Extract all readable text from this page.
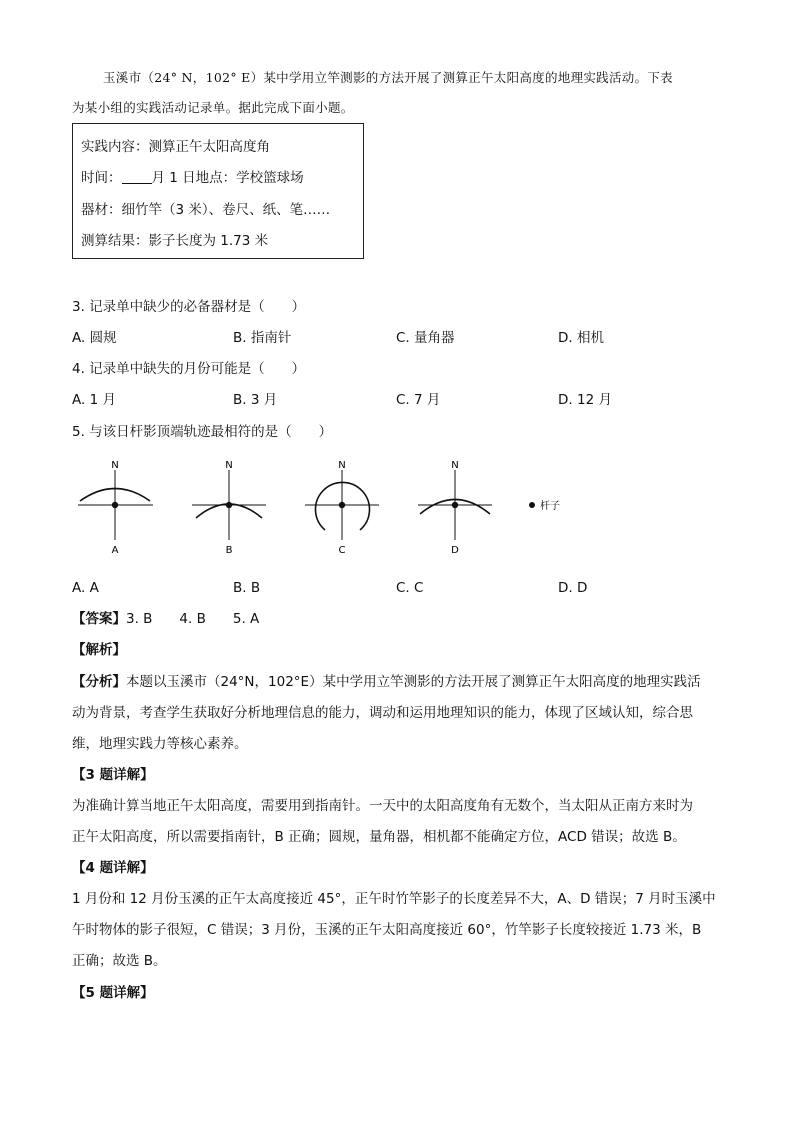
玉溪市（24° N，102° E）某中学用立竿测影的方法开展了测算正午太阳高度的地理实践活动。下表
为某小组的实践活动记录单。据此完成下面小题。
实践内容：测算正午太阳高度角
时间： 月 1 日地点：学校篮球场
器材：细竹竿（3 米）、卷尺、纸、笔……
测算结果：影子长度为 1.73 米
3. 记录单中缺少的必备器材是（　　）
A. 圆规	B. 指南针	C. 量角器	D. 相机
4. 记录单中缺失的月份可能是（　　）
A. 1 月	B. 3 月	C. 7 月	D. 12 月
5. 与该日杆影顶端轨迹最相符的是（　　）
N
A
N
B
N
C
N
D
杆子
A. A	B. B	C. C	D. D
【答案】3. B　　4. B　　5. A
【解析】
【分析】本题以玉溪市（24°N，102°E）某中学用立竿测影的方法开展了测算正午太阳高度的地理实践活
动为背景，考查学生获取好分析地理信息的能力，调动和运用地理知识的能力，体现了区域认知，综合思
维，地理实践力等核心素养。
【3 题详解】
为准确计算当地正午太阳高度，需要用到指南针。一天中的太阳高度角有无数个，当太阳从正南方来时为
正午太阳高度，所以需要指南针，B 正确；圆规，量角器，相机都不能确定方位，ACD 错误；故选 B。
【4 题详解】
1 月份和 12 月份玉溪的正午太高度接近 45°，正午时竹竿影子的长度差异不大，A、D 错误；7 月时玉溪中
午时物体的影子很短，C 错误；3 月份，玉溪的正午太阳高度接近 60°，竹竿影子长度较接近 1.73 米，B
正确；故选 B。
【5 题详解】
